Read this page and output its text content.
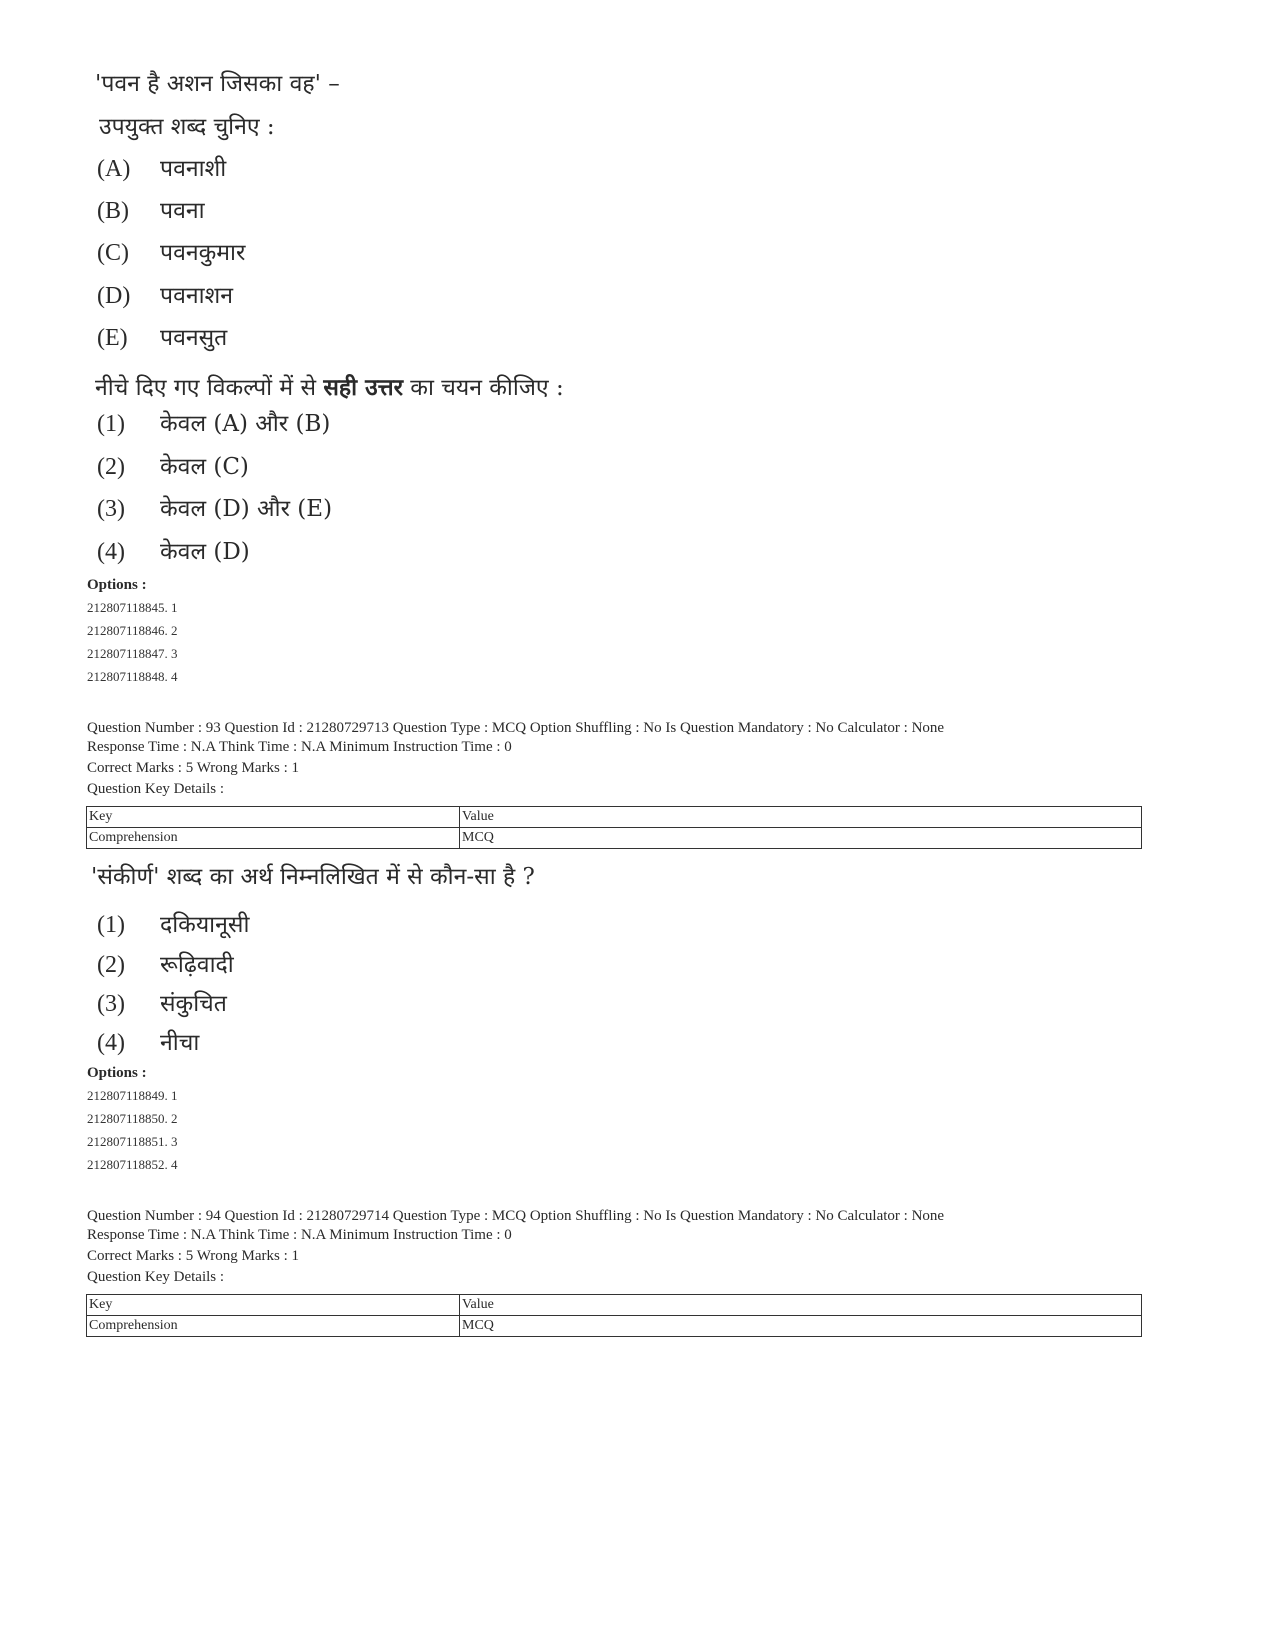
'पवन है अशन जिसका वह' –
उपयुक्त शब्द चुनिए :
(A) पवनाशी
(B) पवना
(C) पवनकुमार
(D) पवनाशन
(E) पवनसुत
नीचे दिए गए विकल्पों में से सही उत्तर का चयन कीजिए :
(1) केवल (A) और (B)
(2) केवल (C)
(3) केवल (D) और (E)
(4) केवल (D)
Options :
212807118845. 1
212807118846. 2
212807118847. 3
212807118848. 4
Question Number : 93 Question Id : 21280729713 Question Type : MCQ Option Shuffling : No Is Question Mandatory : No Calculator : None
Response Time : N.A Think Time : N.A Minimum Instruction Time : 0
Correct Marks : 5 Wrong Marks : 1
Question Key Details :
Key	Value
Comprehension	MCQ
'संकीर्ण' शब्द का अर्थ निम्नलिखित में से कौन-सा है ?
(1) दकियानूसी
(2) रूढ़िवादी
(3) संकुचित
(4) नीचा
Options :
212807118849. 1
212807118850. 2
212807118851. 3
212807118852. 4
Question Number : 94 Question Id : 21280729714 Question Type : MCQ Option Shuffling : No Is Question Mandatory : No Calculator : None
Response Time : N.A Think Time : N.A Minimum Instruction Time : 0
Correct Marks : 5 Wrong Marks : 1
Question Key Details :
Key	Value
Comprehension	MCQ
